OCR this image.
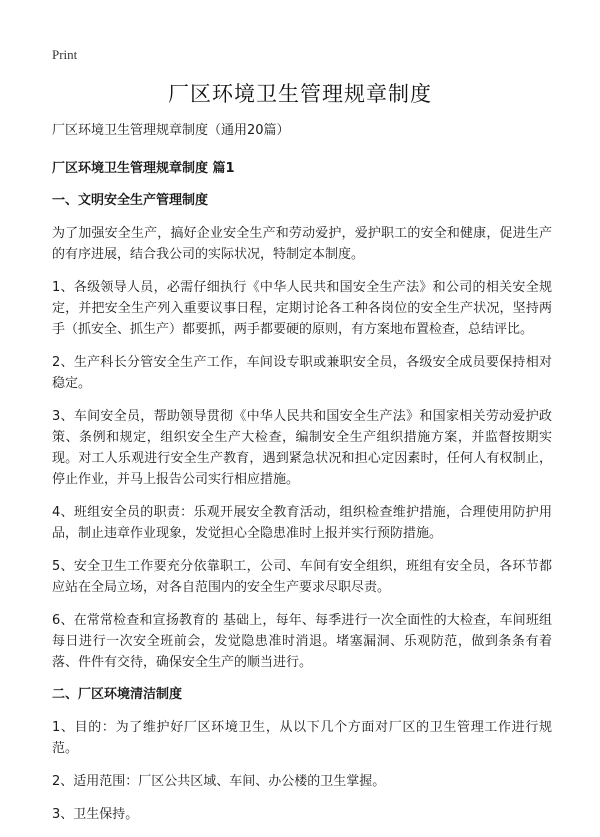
Print
厂区环境卫生管理规章制度
厂区环境卫生管理规章制度（通用20篇）
厂区环境卫生管理规章制度 篇1
一、文明安全生产管理制度

为了加强安全生产，搞好企业安全生产和劳动爱护，爱护职工的安全和健康，促进生产的有序进展，结合我公司的实际状况，特制定本制度。

1、各级领导人员，必需仔细执行《中华人民共和国安全生产法》和公司的相关安全规定，并把安全生产列入重要议事日程，定期讨论各工种各岗位的安全生产状况，坚持两手（抓安全、抓生产）都要抓，两手都要硬的原则，有方案地布置检查，总结评比。

2、生产科长分管安全生产工作，车间设专职或兼职安全员，各级安全成员要保持相对稳定。

3、车间安全员，帮助领导贯彻《中华人民共和国安全生产法》和国家相关劳动爱护政策、条例和规定，组织安全生产大检查，编制安全生产组织措施方案，并监督按期实现。对工人乐观进行安全生产教育，遇到紧急状况和担心定因素时，任何人有权制止，停止作业，并马上报告公司实行相应措施。

4、班组安全员的职责：乐观开展安全教育活动，组织检查维护措施，合理使用防护用品，制止违章作业现象，发觉担心全隐患准时上报并实行预防措施。

5、安全卫生工作要充分依靠职工，公司、车间有安全组织，班组有安全员，各环节都应站在全局立场，对各自范围内的安全生产要求尽职尽责。

6、在常常检查和宣扬教育的 基础上，每年、每季进行一次全面性的大检查，车间班组每日进行一次安全班前会，发觉隐患准时消退。堵塞漏洞、乐观防范，做到条条有着落、件件有交待，确保安全生产的顺当进行。

二、厂区环境清洁制度

1、目的：为了维护好厂区环境卫生，从以下几个方面对厂区的卫生管理工作进行规范。

2、适用范围：厂区公共区域、车间、办公楼的卫生掌握。

3、卫生保持。
